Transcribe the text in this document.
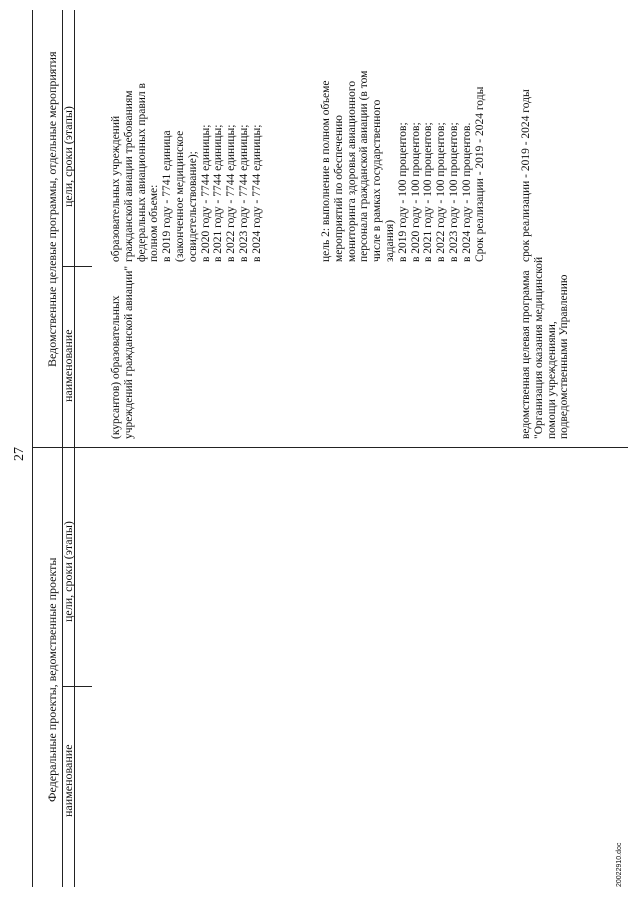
27
Федеральные проекты, ведомственные проекты
Ведомственные целевые программы, отдельные мероприятия
наименование
цели, сроки (этапы)
наименование
цели, сроки (этапы)
(курсантов) образовательных учреждений гражданской авиации"
образовательных учреждений гражданской авиации требованиям федеральных авиационных правил в полном объеме: в 2019 году - 7741 единица (законченное медицинское освидетельствование); в 2020 году - 7744 единицы; в 2021 году - 7744 единицы; в 2022 году - 7744 единицы; в 2023 году - 7744 единицы; в 2024 году - 7744 единицы;	цель 2: выполнение в полном объеме мероприятий по обеспечению мониторинга здоровья авиационного персонала гражданской авиации (в том числе в рамках государственного задания) в 2019 году - 100 процентов; в 2020 году - 100 процентов; в 2021 году - 100 процентов; в 2022 году - 100 процентов; в 2023 году - 100 процентов; в 2024 году - 100 процентов. Срок реализации - 2019 - 2024 годы
ведомственная целевая программа "Организация оказания медицинской помощи учреждениями, подведомственными Управлению
срок реализации - 2019 - 2024 годы
20022910.doc
